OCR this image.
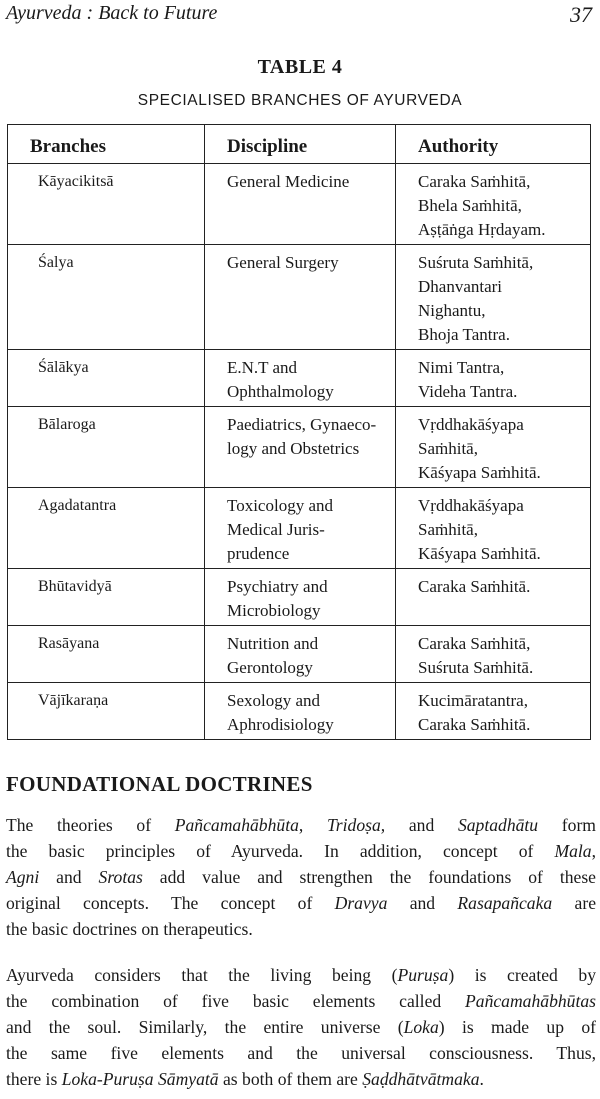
Ayurveda : Back to Future	37
TABLE 4
SPECIALISED BRANCHES OF AYURVEDA
Branches	Discipline	Authority

Kāyacikitsā	General Medicine	Caraka Saṁhitā,
Bhela Saṁhitā,
Aṣṭāṅga Hṛdayam.

Śalya	General Surgery	Suśruta Saṁhitā,
Dhanvantari
Nighantu,
Bhoja Tantra.

Śālākya	E.N.T and
Ophthalmology	Nimi Tantra,
Videha Tantra.

Bālaroga	Paediatrics, Gynaeco-
logy and Obstetrics	Vṛddhakāśyapa
Saṁhitā,
Kāśyapa Saṁhitā.

Agadatantra	Toxicology and
Medical Juris-
prudence	Vṛddhakāśyapa
Saṁhitā,
Kāśyapa Saṁhitā.

Bhūtavidyā	Psychiatry and
Microbiology	Caraka Saṁhitā.

Rasāyana	Nutrition and
Gerontology	Caraka Saṁhitā,
Suśruta Saṁhitā.

Vājīkaraṇa	Sexology and
Aphrodisiology	Kucimāratantra,
Caraka Saṁhitā.
FOUNDATIONAL DOCTRINES
The theories of Pañcamahābhūta, Tridoṣa, and Saptadhātu form
the basic principles of Ayurveda. In addition, concept of Mala,
Agni and Srotas add value and strengthen the foundations of these
original concepts. The concept of Dravya and Rasapañcaka are
the basic doctrines on therapeutics.
Ayurveda considers that the living being (Puruṣa) is created by
the combination of five basic elements called Pañcamahābhūtas
and the soul. Similarly, the entire universe (Loka) is made up of
the same five elements and the universal consciousness. Thus,
there is Loka-Puruṣa Sāmyatā as both of them are Ṣaḍdhātvātmaka.
